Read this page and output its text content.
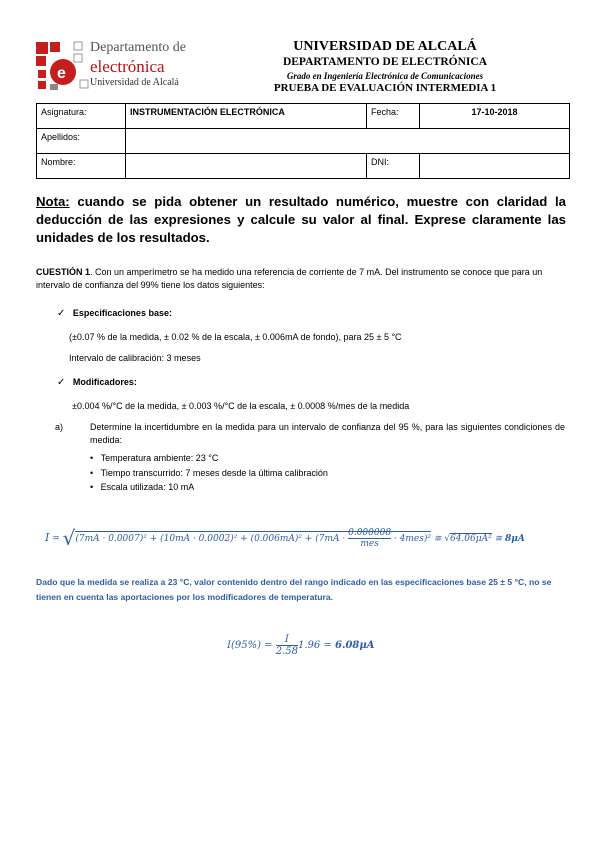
e
Departamento de
electrónica
Universidad de Alcalá
UNIVERSIDAD DE ALCALÁ
DEPARTAMENTO DE ELECTRÓNICA
Grado en Ingeniería Electrónica de Comunicaciones
PRUEBA DE EVALUACIÓN INTERMEDIA 1
Asignatura:	INSTRUMENTACIÓN ELECTRÓNICA	Fecha:	17-10-2018
Apellidos:			
Nombre:		DNI:	
Nota: cuando se pida obtener un resultado numérico, muestre con claridad la deducción de las expresiones y calcule su valor al final. Exprese claramente las unidades de los resultados.
CUESTIÓN 1. Con un amperímetro se ha medido una referencia de corriente de 7 mA. Del instrumento se conoce que para un intervalo de confianza del 99% tiene los datos siguientes:
✓ Especificaciones base:
(±0.07 % de la medida, ± 0.02 % de la escala, ± 0.006mA de fondo), para 25 ± 5 °C
Intervalo de calibración: 3 meses
✓ Modificadores:
±0.004 %/°C de la medida, ± 0.003 %/°C de la escala, ± 0.0008 %/mes de la medida
a)	Determine la incertidumbre en la medida para un intervalo de confianza del 95 %, para las siguientes condiciones de medida:
•   Temperatura ambiente: 23 °C
•   Tiempo transcurrido: 7 meses desde la última calibración
•   Escala utilizada: 10 mA
I = √(7mA · 0.0007)² + (10mA · 0.0002)² + (0.006mA)² + (7mA ·
0.000008
mes	· 4mes)² ≅ √64.06μA² ≅ 8μA
Dado que la medida se realiza a 23 °C, valor contenido dentro del rango indicado en las especificaciones base 25 ± 5 °C, no se tienen en cuenta las aportaciones por los modificadores de temperatura.
$I(95\%) = \frac{I}{2.58} 1.96 = 6.08\mu A$
